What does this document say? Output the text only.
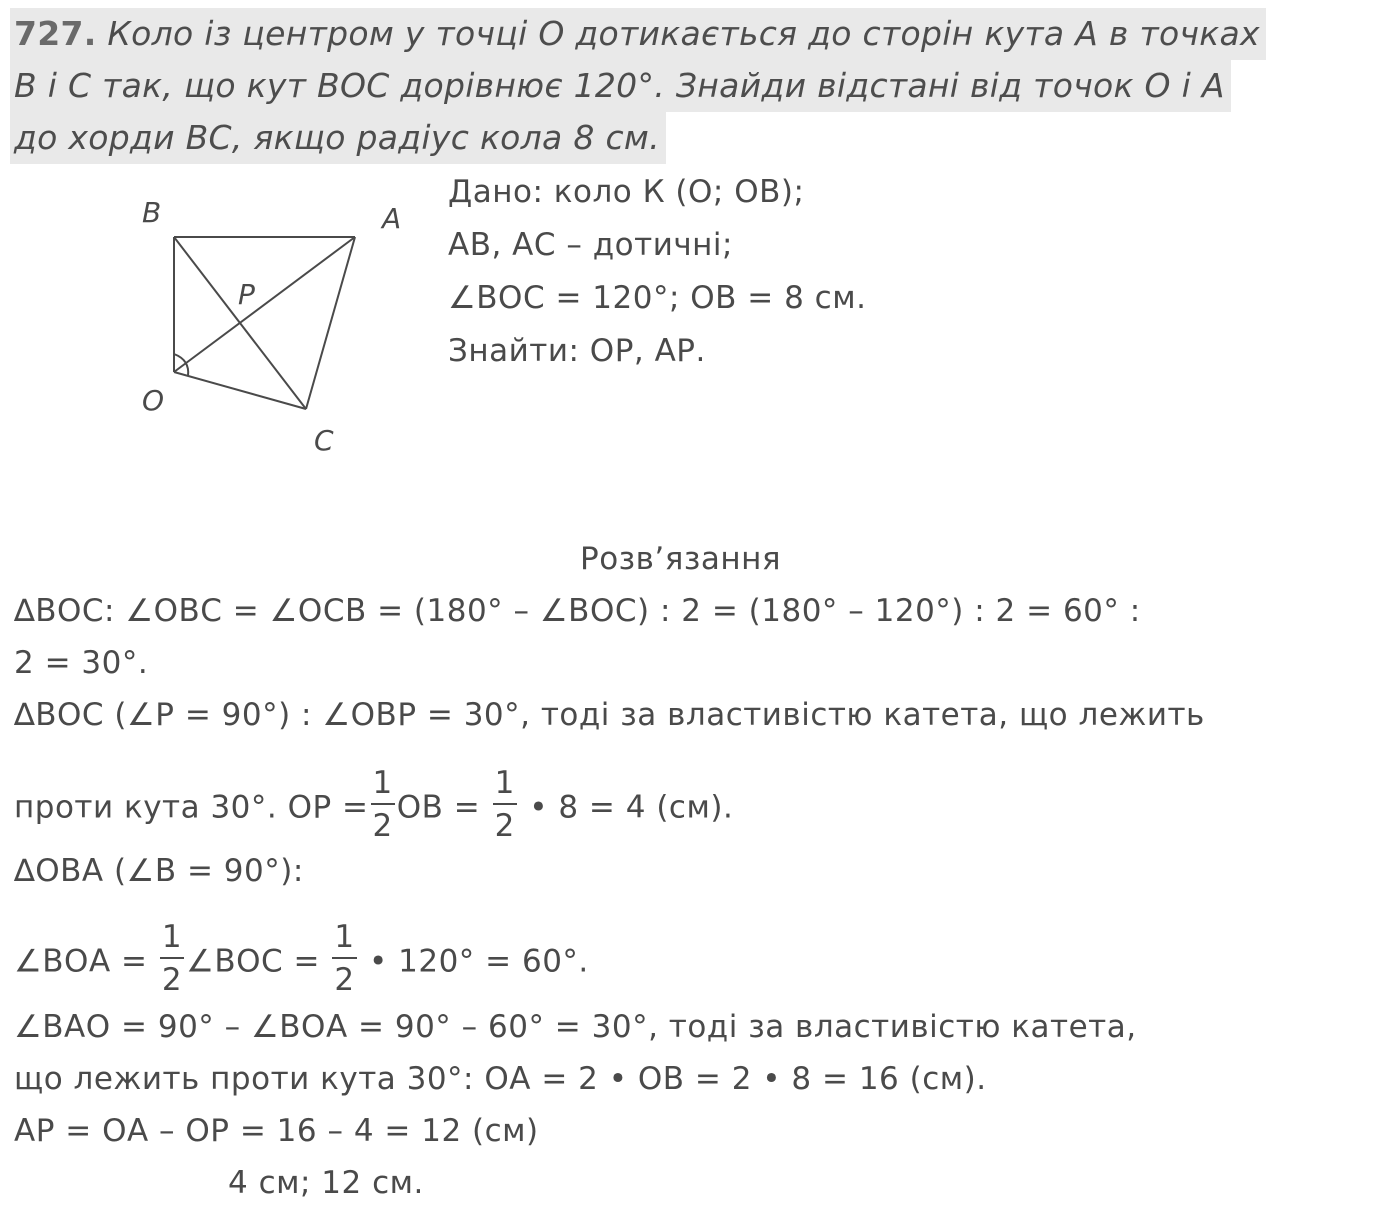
727. Коло із центром у точці О дотикається до сторін кута А в точках
В і С так, що кут ВОС дорівнює 120°. Знайди відстані від точок О і А
до хорди ВС, якщо радіус кола 8 см.
B	A
P
O
C
Дано: коло К (О; ОВ);
АВ, АС – дотичні;
∠ВОС = 120°; ОВ = 8 см.
Знайти: ОР, АР.
Розв’язання
∆ВОС: ∠ОВС = ∠ОСВ = (180° – ∠ВОС) : 2 = (180° – 120°) : 2 = 60° :
2 = 30°.
∆ВОС (∠Р = 90°) : ∠ОВР = 30°, тоді за властивістю катета, що лежить
проти кута 30°. ОР = $\frac{1}{2}$ ОВ = $\frac{1}{2}$ • 8 = 4 (см).
∆ОВА (∠В = 90°):
∠ВОА = $\frac{1}{2}$ ∠ВОС = $\frac{1}{2}$ • 120° = 60°.
∠ВАО = 90° – ∠ВОА = 90° – 60° = 30°, тоді за властивістю катета,
що лежить проти кута 30°: ОА = 2 • ОВ = 2 • 8 = 16 (см).
АР = ОА – ОР = 16 – 4 = 12 (см)
4 см; 12 см.
